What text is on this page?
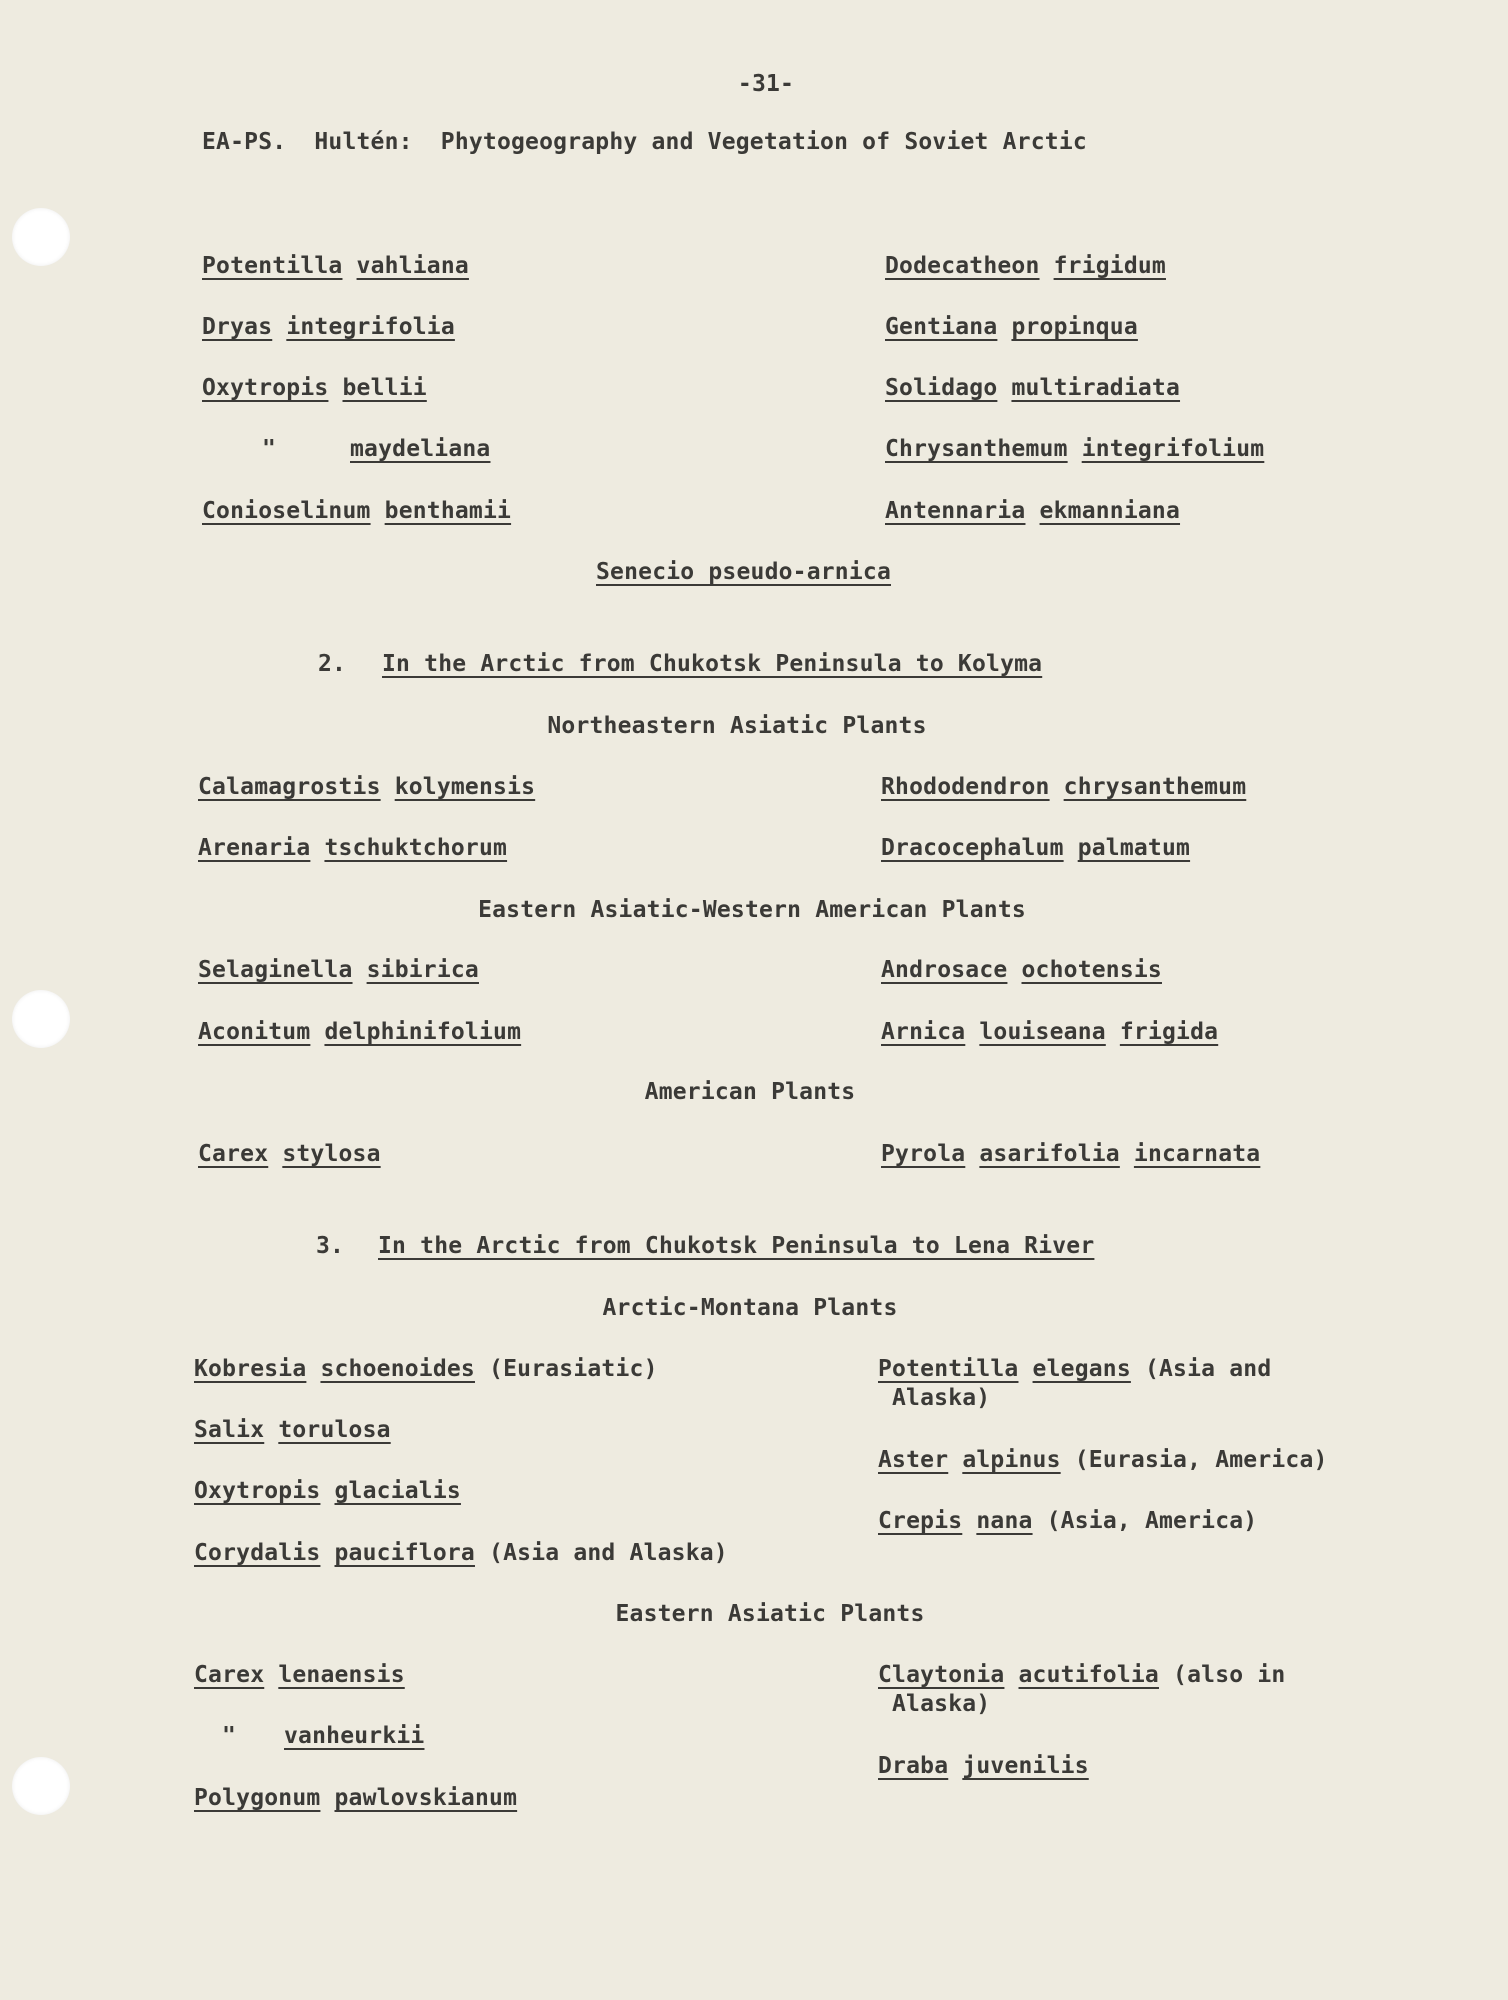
-31-
EA-PS. Hultén: Phytogeography and Vegetation of Soviet Arctic
Potentilla vahliana
Dryas integrifolia
Oxytropis bellii
"	maydeliana
Conioselinum benthamii
Dodecatheon frigidum
Gentiana propinqua
Solidago multiradiata
Chrysanthemum integrifolium
Antennaria ekmanniana
Senecio pseudo-arnica
2. In the Arctic from Chukotsk Peninsula to Kolyma
Northeastern Asiatic Plants
Calamagrostis kolymensis
Arenaria tschuktchorum
Rhododendron chrysanthemum
Dracocephalum palmatum
Eastern Asiatic-Western American Plants
Selaginella sibirica
Aconitum delphinifolium
Androsace ochotensis
Arnica louiseana frigida
American Plants
Carex stylosa	Pyrola asarifolia incarnata
3. In the Arctic from Chukotsk Peninsula to Lena River
Arctic-Montana Plants
Kobresia schoenoides (Eurasiatic)
Salix torulosa
Oxytropis glacialis
Corydalis pauciflora (Asia and Alaska)
Potentilla elegans (Asia and
Alaska)
Aster alpinus (Eurasia, America)
Crepis nana (Asia, America)
Eastern Asiatic Plants
Carex lenaensis
" vanheurkii
Polygonum pawlovskianum
Claytonia acutifolia (also in
Alaska)
Draba juvenilis
